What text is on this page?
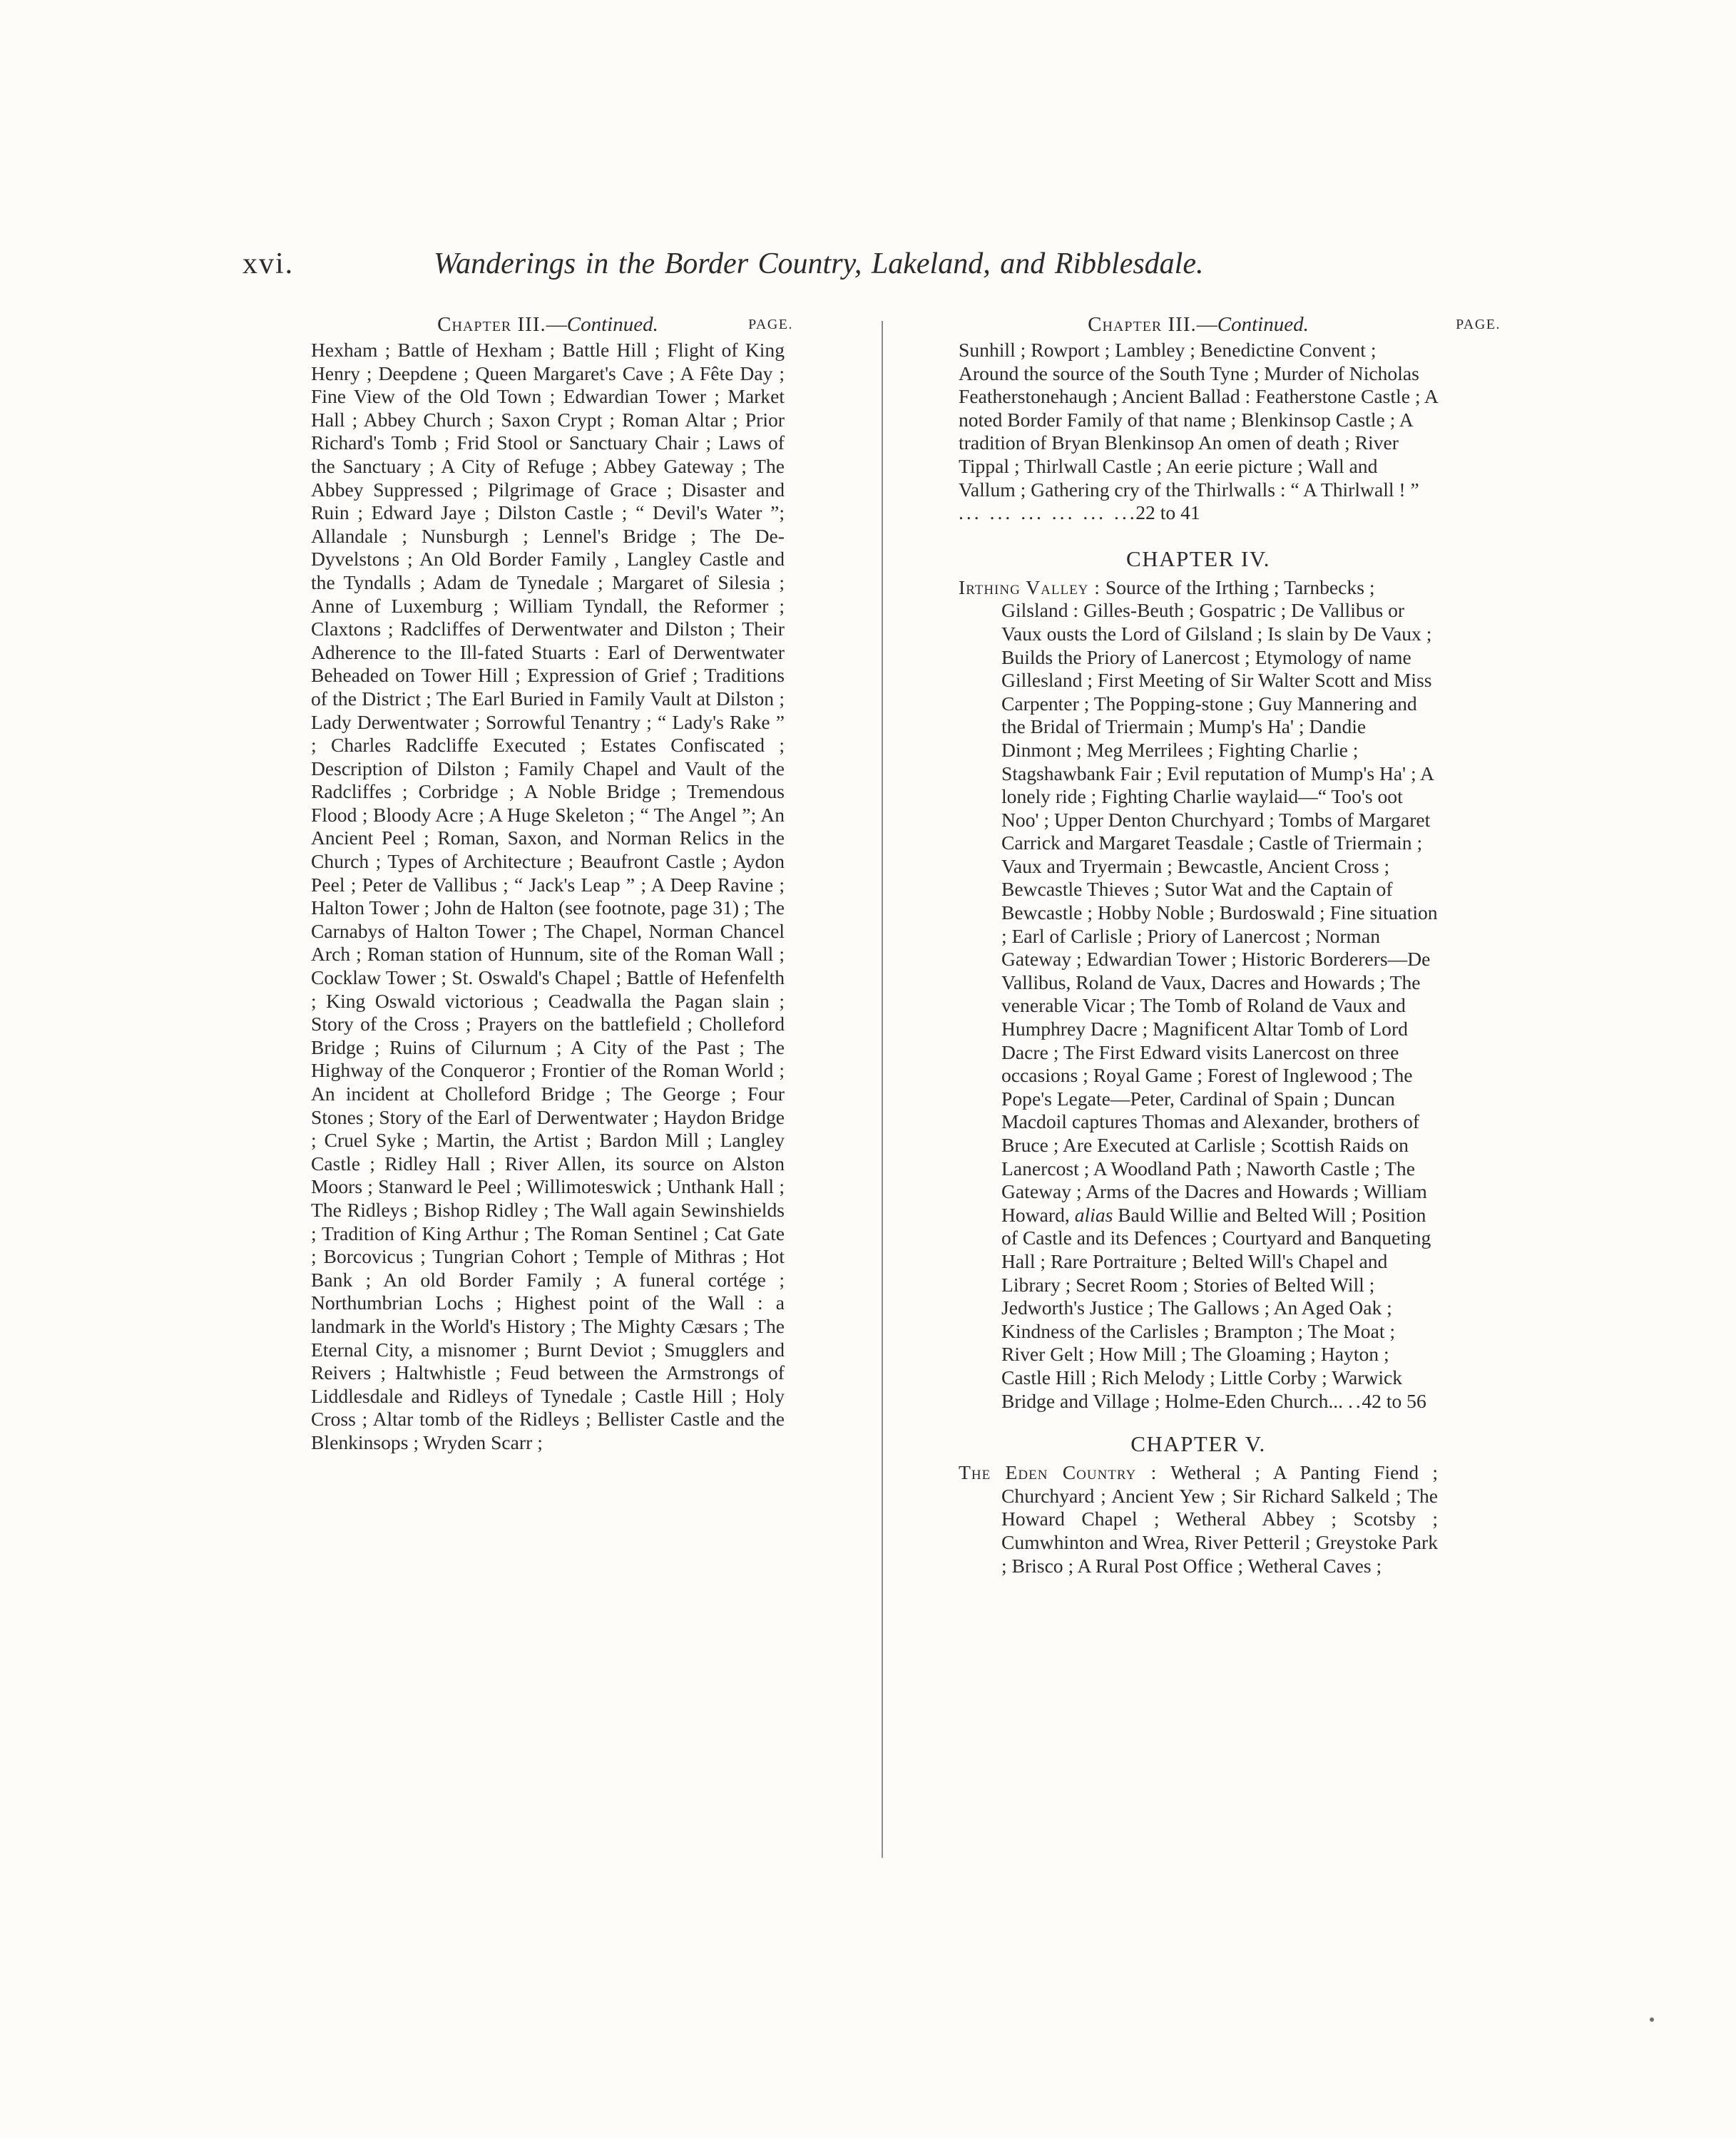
xvi.	Wanderings in the Border Country, Lakeland, and Ribblesdale.
Chapter III.—Continued.	PAGE.

Hexham ; Battle of Hexham ; Battle Hill ; Flight of King Henry ; Deepdene ; Queen Margaret's Cave ; A Fête Day ; Fine View of the Old Town ; Edwardian Tower ; Market Hall ; Abbey Church ; Saxon Crypt ; Roman Altar ; Prior Richard's Tomb ; Frid Stool or Sanctuary Chair ; Laws of the Sanctuary ; A City of Refuge ; Abbey Gateway ; The Abbey Suppressed ; Pilgrimage of Grace ; Disaster and Ruin ; Edward Jaye ; Dilston Castle ; “ Devil's Water ”; Allandale ; Nunsburgh ; Lennel's Bridge ; The De-Dyvelstons ; An Old Border Family , Langley Castle and the Tyndalls ; Adam de Tynedale ; Margaret of Silesia ; Anne of Luxemburg ; William Tyndall, the Reformer ; Claxtons ; Radcliffes of Derwentwater and Dilston ; Their Adherence to the Ill-fated Stuarts : Earl of Derwentwater Beheaded on Tower Hill ; Expression of Grief ; Traditions of the District ; The Earl Buried in Family Vault at Dilston ; Lady Derwentwater ; Sorrowful Tenantry ; “ Lady's Rake ” ; Charles Radcliffe Executed ; Estates Confiscated ; Description of Dilston ; Family Chapel and Vault of the Radcliffes ; Corbridge ; A Noble Bridge ; Tremendous Flood ; Bloody Acre ; A Huge Skeleton ; “ The Angel ”; An Ancient Peel ; Roman, Saxon, and Norman Relics in the Church ; Types of Architecture ; Beaufront Castle ; Aydon Peel ; Peter de Vallibus ; “ Jack's Leap ” ; A Deep Ravine ; Halton Tower ; John de Halton (see footnote, page 31) ; The Carnabys of Halton Tower ; The Chapel, Norman Chancel Arch ; Roman station of Hunnum, site of the Roman Wall ; Cocklaw Tower ; St. Oswald's Chapel ; Battle of Hefenfelth ; King Oswald victorious ; Ceadwalla the Pagan slain ; Story of the Cross ; Prayers on the battlefield ; Cholleford Bridge ; Ruins of Cilurnum ; A City of the Past ; The Highway of the Conqueror ; Frontier of the Roman World ; An incident at Cholleford Bridge ; The George ; Four Stones ; Story of the Earl of Derwentwater ; Haydon Bridge ; Cruel Syke ; Martin, the Artist ; Bardon Mill ; Langley Castle ; Ridley Hall ; River Allen, its source on Alston Moors ; Stanward le Peel ; Willimoteswick ; Unthank Hall ; The Ridleys ; Bishop Ridley ; The Wall again Sewinshields ; Tradition of King Arthur ; The Roman Sentinel ; Cat Gate ; Borcovicus ; Tungrian Cohort ; Temple of Mithras ; Hot Bank ; An old Border Family ; A funeral cortége ; Northumbrian Lochs ; Highest point of the Wall : a landmark in the World's History ; The Mighty Cæsars ; The Eternal City, a misnomer ; Burnt Deviot ; Smugglers and Reivers ; Haltwhistle ; Feud between the Armstrongs of Liddlesdale and Ridleys of Tynedale ; Castle Hill ; Holy Cross ; Altar tomb of the Ridleys ; Bellister Castle and the Blenkinsops ; Wryden Scarr ;

Chapter III.—Continued.	PAGE.

Sunhill ; Rowport ; Lambley ; Benedictine Convent ; Around the source of the South Tyne ; Murder of Nicholas Featherstonehaugh ; Ancient Ballad : Featherstone Castle ; A noted Border Family of that name ; Blenkinsop Castle ; A tradition of Bryan Blenkinsop An omen of death ; River Tippal ; Thirlwall Castle ; An eerie picture ; Wall and Vallum ; Gathering cry of the Thirlwalls : “ A Thirlwall ! ” ... ... ... ... ... ...
22 to 41

CHAPTER IV.

Irthing Valley : Source of the Irthing ; Tarnbecks ; Gilsland : Gilles-Beuth ; Gospatric ; De Vallibus or Vaux ousts the Lord of Gilsland ; Is slain by De Vaux ; Builds the Priory of Lanercost ; Etymology of name Gillesland ; First Meeting of Sir Walter Scott and Miss Carpenter ; The Popping-stone ; Guy Mannering and the Bridal of Triermain ; Mump's Ha' ; Dandie Dinmont ; Meg Merrilees ; Fighting Charlie ; Stagshawbank Fair ; Evil reputation of Mump's Ha' ; A lonely ride ; Fighting Charlie waylaid—“ Too's oot Noo' ; Upper Denton Churchyard ; Tombs of Margaret Carrick and Margaret Teasdale ; Castle of Triermain ; Vaux and Tryermain ; Bewcastle, Ancient Cross ; Bewcastle Thieves ; Sutor Wat and the Captain of Bewcastle ; Hobby Noble ; Burdoswald ; Fine situation ; Earl of Carlisle ; Priory of Lanercost ; Norman Gateway ; Edwardian Tower ; Historic Borderers—De Vallibus, Roland de Vaux, Dacres and Howards ; The venerable Vicar ; The Tomb of Roland de Vaux and Humphrey Dacre ; Magnificent Altar Tomb of Lord Dacre ; The First Edward visits Lanercost on three occasions ; Royal Game ; Forest of Inglewood ; The Pope's Legate—Peter, Cardinal of Spain ; Duncan Macdoil captures Thomas and Alexander, brothers of Bruce ; Are Executed at Carlisle ; Scottish Raids on Lanercost ; A Woodland Path ; Naworth Castle ; The Gateway ; Arms of the Dacres and Howards ; William Howard, alias Bauld Willie and Belted Will ; Position of Castle and its Defences ; Courtyard and Banqueting Hall ; Rare Portraiture ; Belted Will's Chapel and Library ; Secret Room ; Stories of Belted Will ; Jedworth's Justice ; The Gallows ; An Aged Oak ; Kindness of the Carlisles ; Brampton ; The Moat ; River Gelt ; How Mill ; The Gloaming ; Hayton ; Castle Hill ; Rich Melody ; Little Corby ; Warwick Bridge and Village ; Holme-Eden Church... ..
42 to 56

CHAPTER V.

The Eden Country : Wetheral ; A Panting Fiend ; Churchyard ; Ancient Yew ; Sir Richard Salkeld ; The Howard Chapel ; Wetheral Abbey ; Scotsby ; Cumwhinton and Wrea, River Petteril ; Greystoke Park ; Brisco ; A Rural Post Office ; Wetheral Caves ;
